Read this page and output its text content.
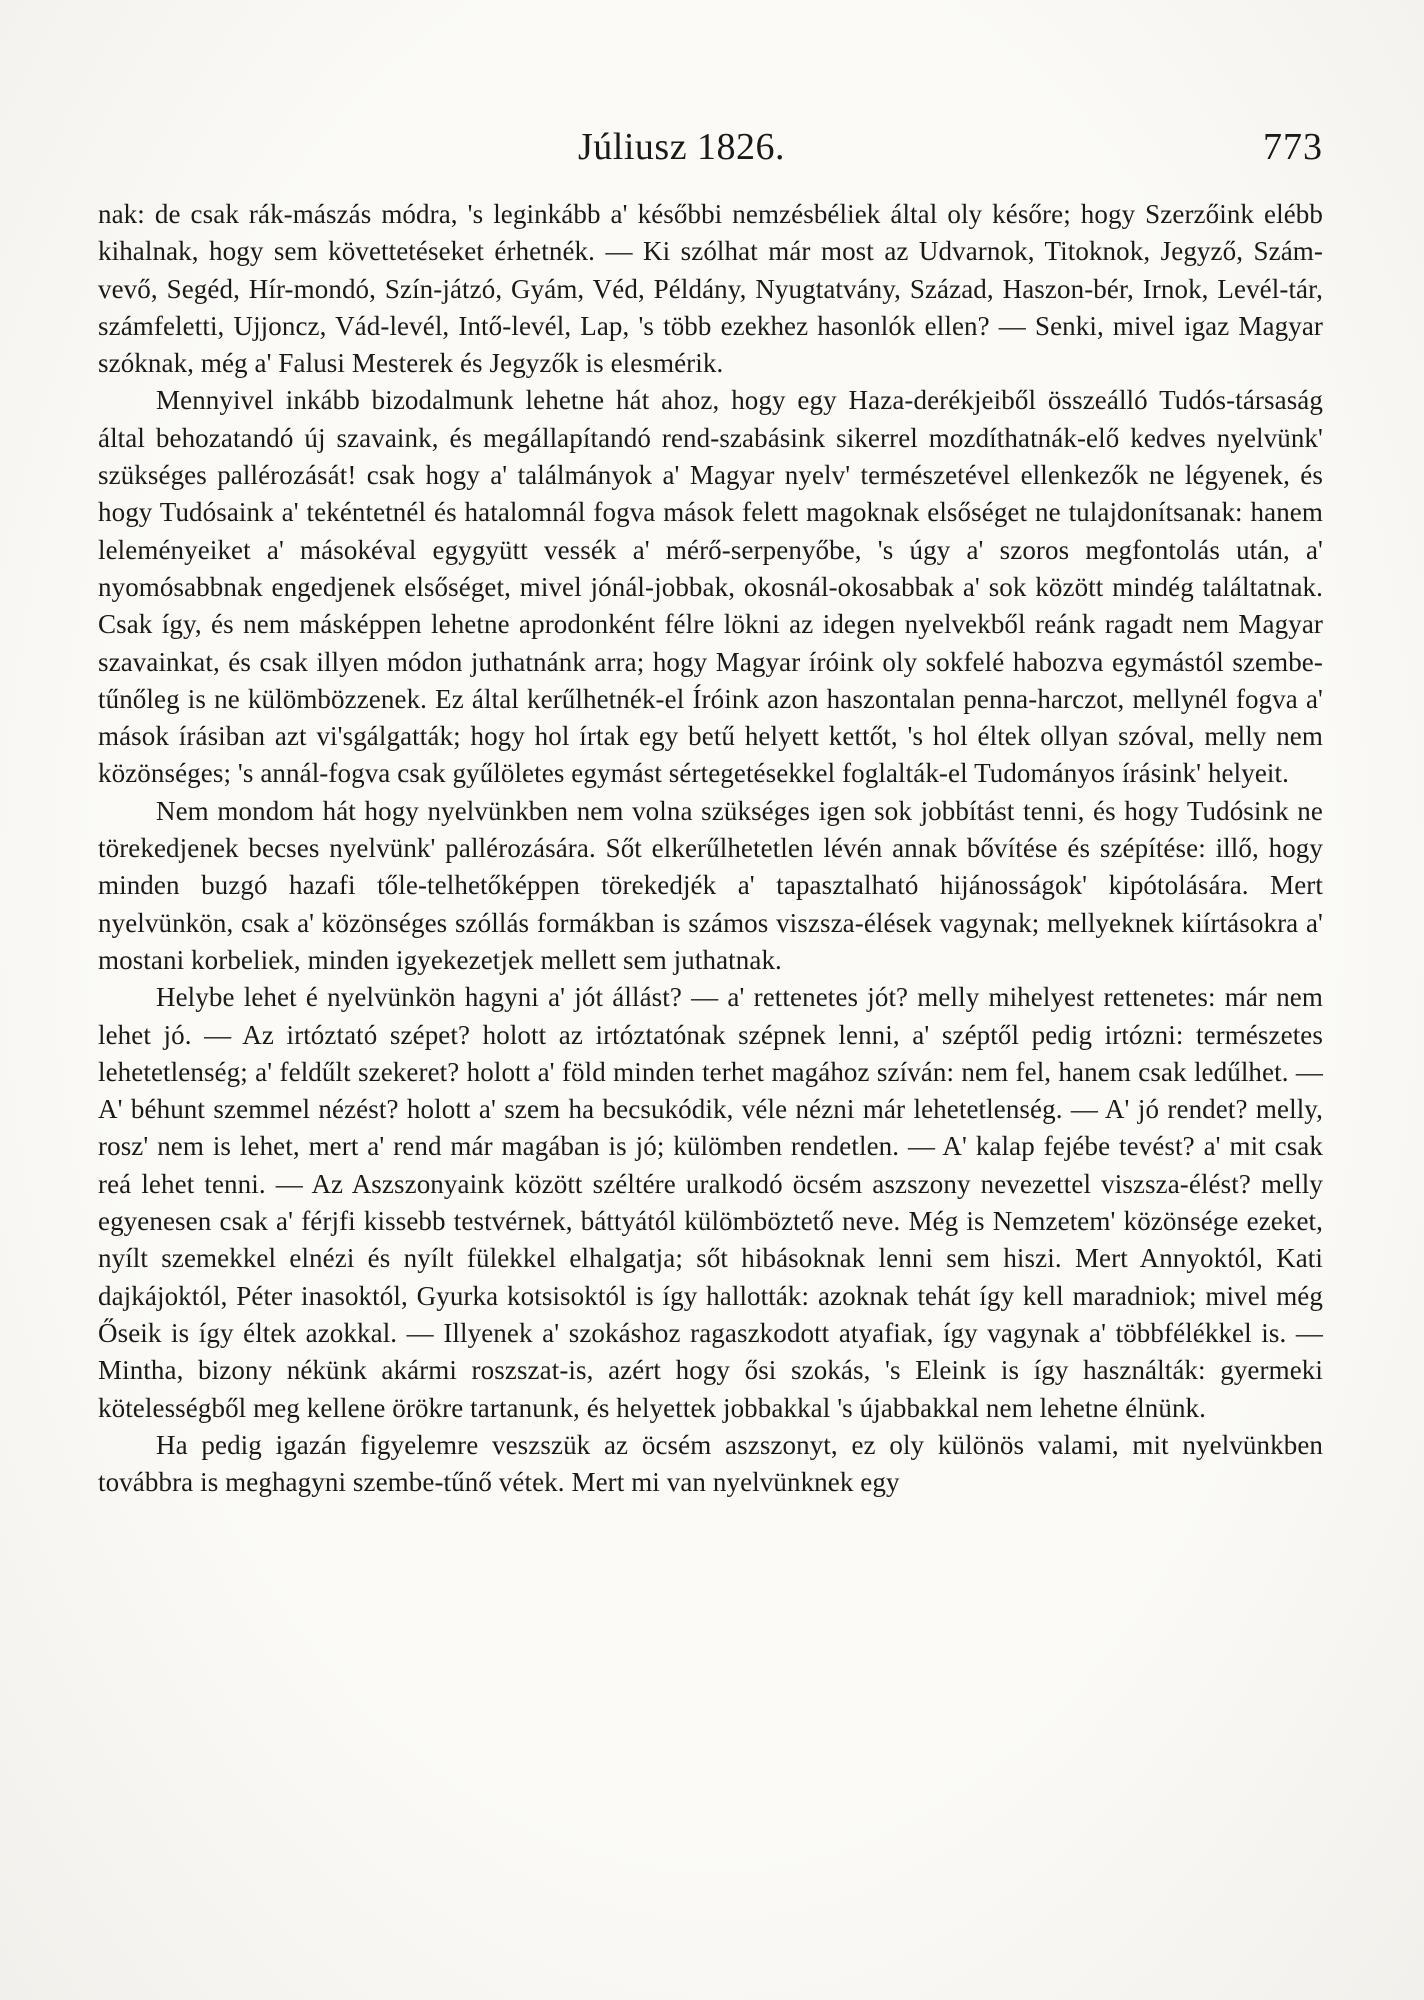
Júliusz 1826.	773

nak: de csak rák-mászás módra, 's leginkább a' későbbi nemzésbéliek által oly későre; hogy Szerzőink elébb kihalnak, hogy sem követtetéseket érhetnék. — Ki szólhat már most az Udvarnok, Titoknok, Jegyző, Szám-vevő, Segéd, Hír-mondó, Szín-játzó, Gyám, Véd, Példány, Nyugtatvány, Század, Haszon-bér, Irnok, Levél-tár, számfeletti, Ujjoncz, Vád-levél, Intő-levél, Lap, 's több ezekhez hasonlók ellen? — Senki, mivel igaz Magyar szóknak, még a' Falusi Mesterek és Jegyzők is elesmérik.

Mennyivel inkább bizodalmunk lehetne hát ahoz, hogy egy Haza-derékjeiből összeálló Tudós-társaság által behozatandó új szavaink, és megállapítandó rend-szabásink sikerrel mozdíthatnák-elő kedves nyelvünk' szükséges pallérozását! csak hogy a' találmányok a' Magyar nyelv' természetével ellenkezők ne légyenek, és hogy Tudósaink a' tekéntetnél és hatalomnál fogva mások felett magoknak elsőséget ne tulajdonítsanak: hanem leleményeiket a' másokéval egygyütt vessék a' mérő-serpenyőbe, 's úgy a' szoros megfontolás után, a' nyomósabbnak engedjenek elsőséget, mivel jónál-jobbak, okosnál-okosabbak a' sok között mindég találtatnak. Csak így, és nem másképpen lehetne aprodonként félre lökni az idegen nyelvekből reánk ragadt nem Magyar szavainkat, és csak illyen módon juthatnánk arra; hogy Magyar íróink oly sokfelé habozva egymástól szembe-tűnőleg is ne külömbözzenek. Ez által kerűlhetnék-el Íróink azon haszontalan penna-harczot, mellynél fogva a' mások írásiban azt vi'sgálgatták; hogy hol írtak egy betű helyett kettőt, 's hol éltek ollyan szóval, melly nem közönséges; 's annál-fogva csak gyűlöletes egymást sértegetésekkel foglalták-el Tudományos írásink' helyeit.

Nem mondom hát hogy nyelvünkben nem volna szükséges igen sok jobbítást tenni, és hogy Tudósink ne törekedjenek becses nyelvünk' pallérozására. Sőt elkerűlhetetlen lévén annak bővítése és szépítése: illő, hogy minden buzgó hazafi tőle-telhetőképpen törekedjék a' tapasztalható hijánosságok' kipótolására. Mert nyelvünkön, csak a' közönséges szóllás formákban is számos viszsza-élések vagynak; mellyeknek kiírtásokra a' mostani korbeliek, minden igyekezetjek mellett sem juthatnak.

Helybe lehet é nyelvünkön hagyni a' jót állást? — a' rettenetes jót? melly mihelyest rettenetes: már nem lehet jó. — Az irtóztató szépet? holott az irtóztatónak szépnek lenni, a' széptől pedig irtózni: természetes lehetetlenség; a' feldűlt szekeret? holott a' föld minden terhet magához szíván: nem fel, hanem csak ledűlhet. — A' béhunt szemmel nézést? holott a' szem ha becsukódik, véle nézni már lehetetlenség. — A' jó rendet? melly, rosz' nem is lehet, mert a' rend már magában is jó; külömben rendetlen. — A' kalap fejébe tevést? a' mit csak reá lehet tenni. — Az Aszszonyaink között széltére uralkodó öcsém aszszony nevezettel viszsza-élést? melly egyenesen csak a' férjfi kissebb testvérnek, báttyától külömböztető neve. Még is Nemzetem' közönsége ezeket, nyílt szemekkel elnézi és nyílt fülekkel elhalgatja; sőt hibásoknak lenni sem hiszi. Mert Annyoktól, Kati dajkájoktól, Péter inasoktól, Gyurka kotsisoktól is így hallották: azoknak tehát így kell maradniok; mivel még Őseik is így éltek azokkal. — Illyenek a' szokáshoz ragaszkodott atyafiak, így vagynak a' többfélékkel is. — Mintha, bizony nékünk akármi roszszat-is, azért hogy ősi szokás, 's Eleink is így használták: gyermeki kötelességből meg kellene örökre tartanunk, és helyettek jobbakkal 's újabbakkal nem lehetne élnünk.

Ha pedig igazán figyelemre veszszük az öcsém aszszonyt, ez oly különös valami, mit nyelvünkben továbbra is meghagyni szembe-tűnő vétek. Mert mi van nyelvünknek egy
